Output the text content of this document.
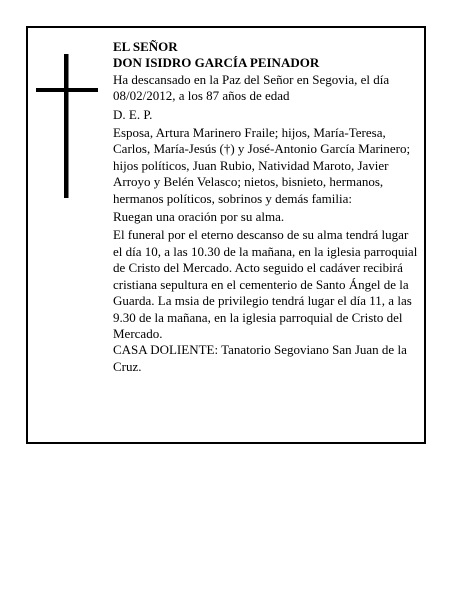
EL SEÑOR

DON ISIDRO GARCÍA PEINADOR

Ha descansado en la Paz del Señor en Segovia, el día 08/02/2012, a los 87 años de edad

D. E. P.

Esposa, Artura Marinero Fraile; hijos, María-Teresa, Carlos, María-Jesús (†) y José-Antonio García Marinero; hijos políticos, Juan Rubio, Natividad Maroto, Javier Arroyo y Belén Velasco; nietos, bisnieto, hermanos, hermanos políticos, sobrinos y demás familia:

Ruegan una oración por su alma.

El funeral por el eterno descanso de su alma tendrá lugar el día 10, a las 10.30 de la mañana, en la iglesia parroquial de Cristo del Mercado. Acto seguido el cadáver recibirá cristiana sepultura en el cementerio de Santo Ángel de la Guarda. La msia de privilegio tendrá lugar el día 11, a las 9.30 de la mañana, en la iglesia parroquial de Cristo del Mercado.

CASA DOLIENTE: Tanatorio Segoviano San Juan de la Cruz.
